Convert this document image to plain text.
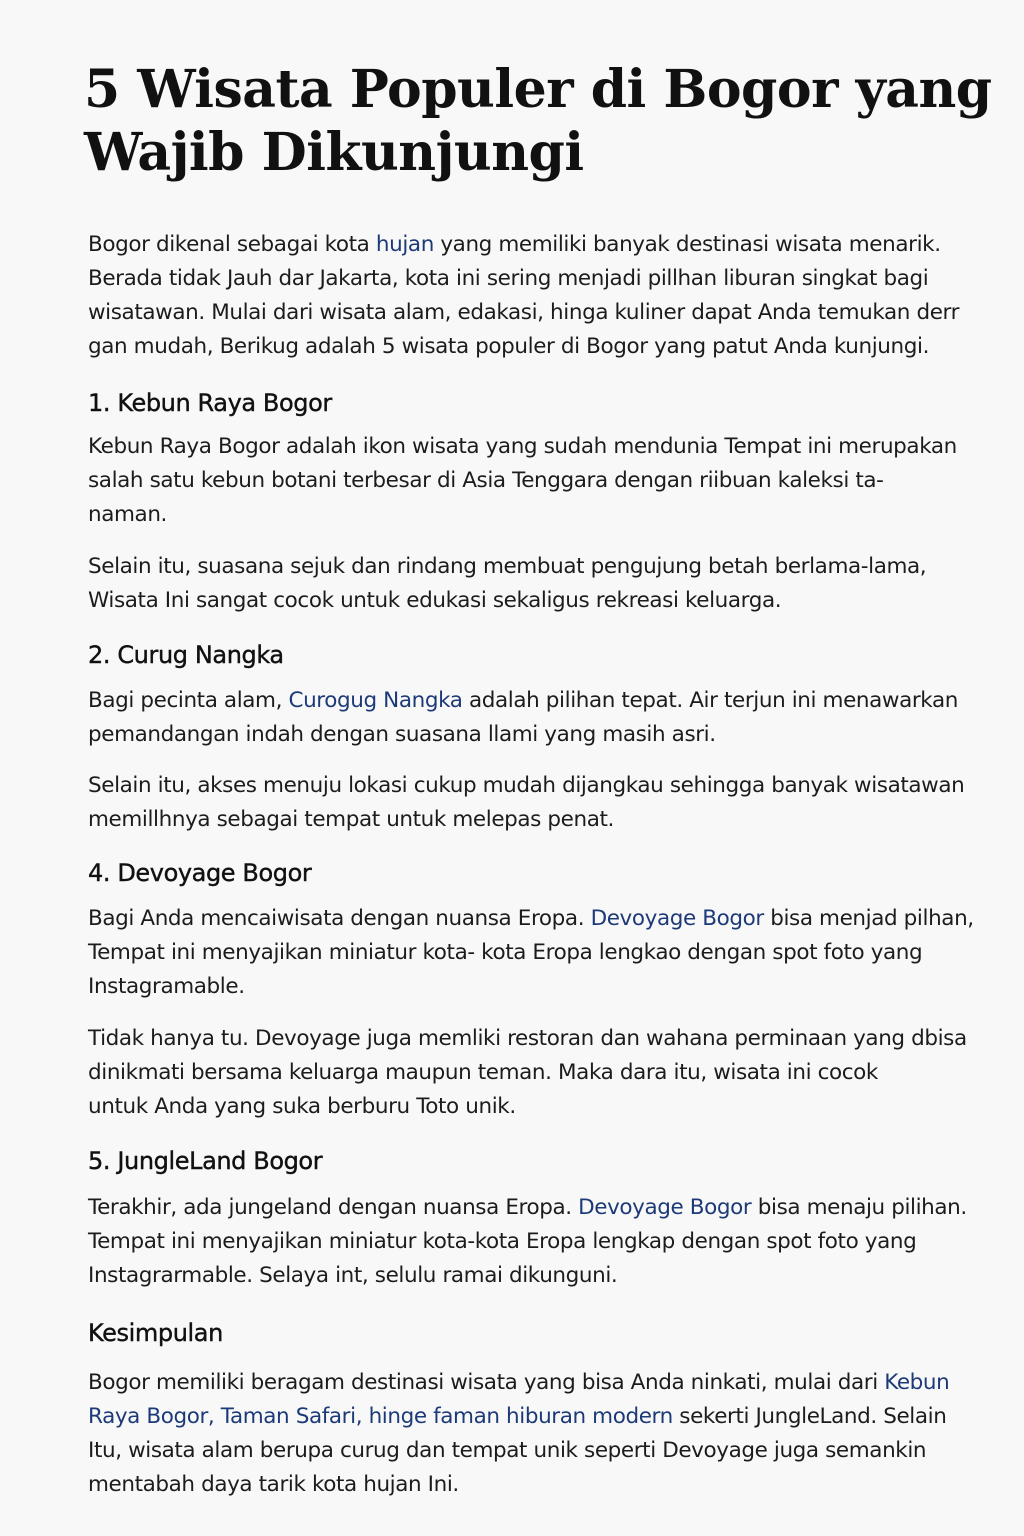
5 Wisata Populer di Bogor yang
Wajib Dikunjungi

Bogor dikenal sebagai kota hujan yang memiliki banyak destinasi wisata menarik.
Berada tidak Jauh dar Jakarta, kota ini sering menjadi pillhan liburan singkat bagi
wisatawan. Mulai dari wisata alam, edakasi, hinga kuliner dapat Anda temukan derr
gan mudah, Berikug adalah 5 wisata populer di Bogor yang patut Anda kunjungi.

1. Kebun Raya Bogor

Kebun Raya Bogor adalah ikon wisata yang sudah mendunia Tempat ini merupakan
salah satu kebun botani terbesar di Asia Tenggara dengan riibuan kaleksi ta-
naman.

Selain itu, suasana sejuk dan rindang membuat pengujung betah berlama-lama,
Wisata Ini sangat cocok untuk edukasi sekaligus rekreasi keluarga.

2. Curug Nangka

Bagi pecinta alam, Curogug Nangka adalah pilihan tepat. Air terjun ini menawarkan
pemandangan indah dengan suasana llami yang masih asri.

Selain itu, akses menuju lokasi cukup mudah dijangkau sehingga banyak wisatawan
memillhnya sebagai tempat untuk melepas penat.

4. Devoyage Bogor

Bagi Anda mencaiwisata dengan nuansa Eropa. Devoyage Bogor bisa menjad pilhan,
Tempat ini menyajikan miniatur kota- kota Eropa lengkao dengan spot foto yang
Instagramable.

Tidak hanya tu. Devoyage juga memliki restoran dan wahana perminaan yang dbisa
dinikmati bersama keluarga maupun teman. Maka dara itu, wisata ini cocok
untuk Anda yang suka berburu Toto unik.

5. JungleLand Bogor

Terakhir, ada jungeland dengan nuansa Eropa. Devoyage Bogor bisa menaju pilihan.
Tempat ini menyajikan miniatur kota-kota Eropa lengkap dengan spot foto yang
Instagrarmable. Selaya int, selulu ramai dikunguni.

Kesimpulan

Bogor memiliki beragam destinasi wisata yang bisa Anda ninkati, mulai dari Kebun
Raya Bogor, Taman Safari, hinge faman hiburan modern sekerti JungleLand. Selain
Itu, wisata alam berupa curug dan tempat unik seperti Devoyage juga semankin
mentabah daya tarik kota hujan Ini.
